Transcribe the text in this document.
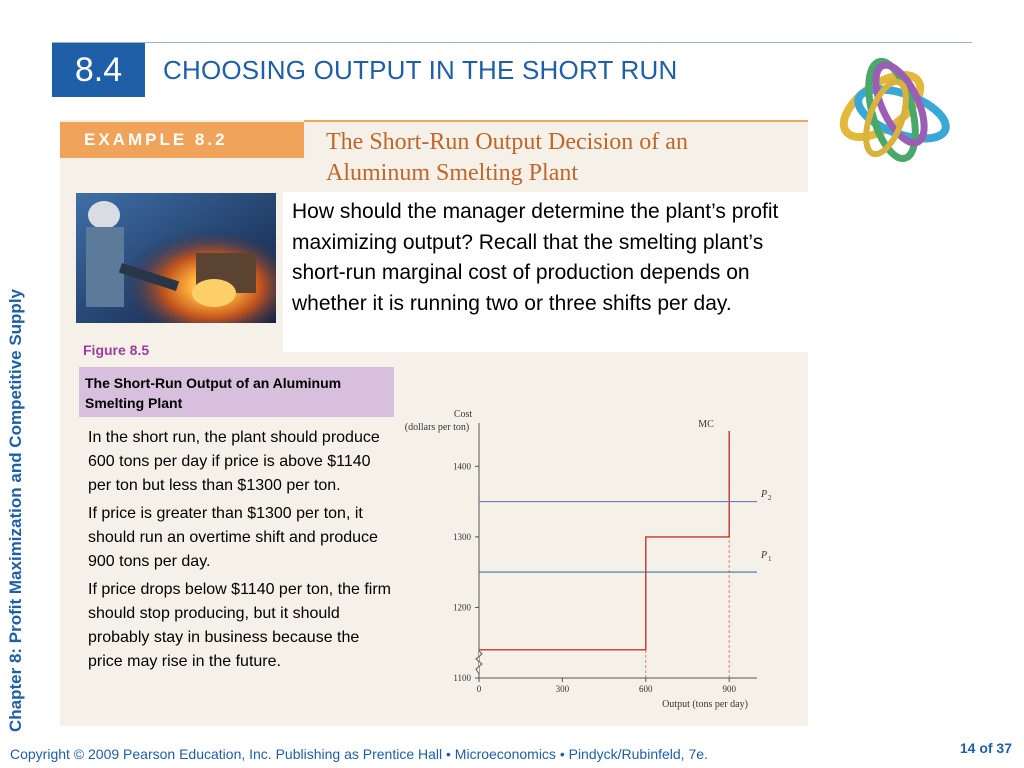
8.4	CHOOSING OUTPUT IN THE SHORT RUN
Chapter 8: Profit Maximization and Competitive Supply
EXAMPLE 8.2	The Short-Run Output Decision of an Aluminum Smelting Plant
How should the manager determine the plant’s profit maximizing output? Recall that the smelting plant’s short-run marginal cost of production depends on whether it is running two or three shifts per day.
Figure 8.5
The Short-Run Output of an Aluminum Smelting Plant

In the short run, the plant should produce 600 tons per day if price is above $1140 per ton but less than $1300 per ton.

If price is greater than $1300 per ton, it should run an overtime shift and produce 900 tons per day.

If price drops below $1140 per ton, the firm should stop producing, but it should probably stay in business because the price may rise in the future.

Cost
(dollars per ton)
Output (tons per day)
MC
P 2
P 1
1100
1200
1300
1400
0	300	600	900
Copyright © 2009 Pearson Education, Inc. Publishing as Prentice Hall • Microeconomics • Pindyck/Rubinfeld, 7e.	14 of 37
